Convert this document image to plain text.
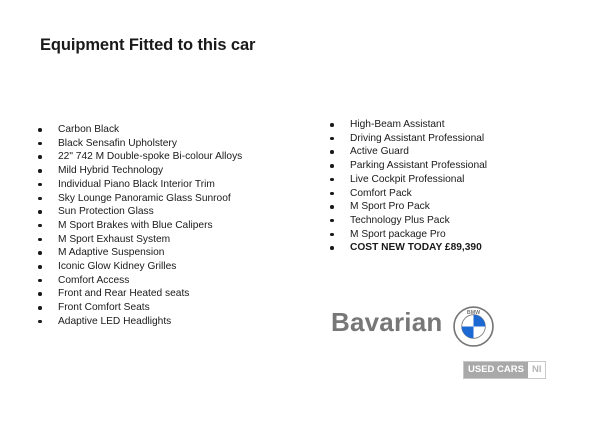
Equipment Fitted to this car
Carbon Black
Black Sensafin Upholstery
22" 742 M Double-spoke Bi-colour Alloys
Mild Hybrid Technology
Individual Piano Black Interior Trim
Sky Lounge Panoramic Glass Sunroof
Sun Protection Glass
M Sport Brakes with Blue Calipers
M Sport Exhaust System
M Adaptive Suspension
Iconic Glow Kidney Grilles
Comfort Access
Front and Rear Heated seats
Front Comfort Seats
Adaptive LED Headlights
High-Beam Assistant
Driving Assistant Professional
Active Guard
Parking Assistant Professional
Live Cockpit Professional
Comfort Pack
M Sport Pro Pack
Technology Plus Pack
M Sport package Pro
COST NEW TODAY £89,390
Bavarian	BMW
USED CARS NI
